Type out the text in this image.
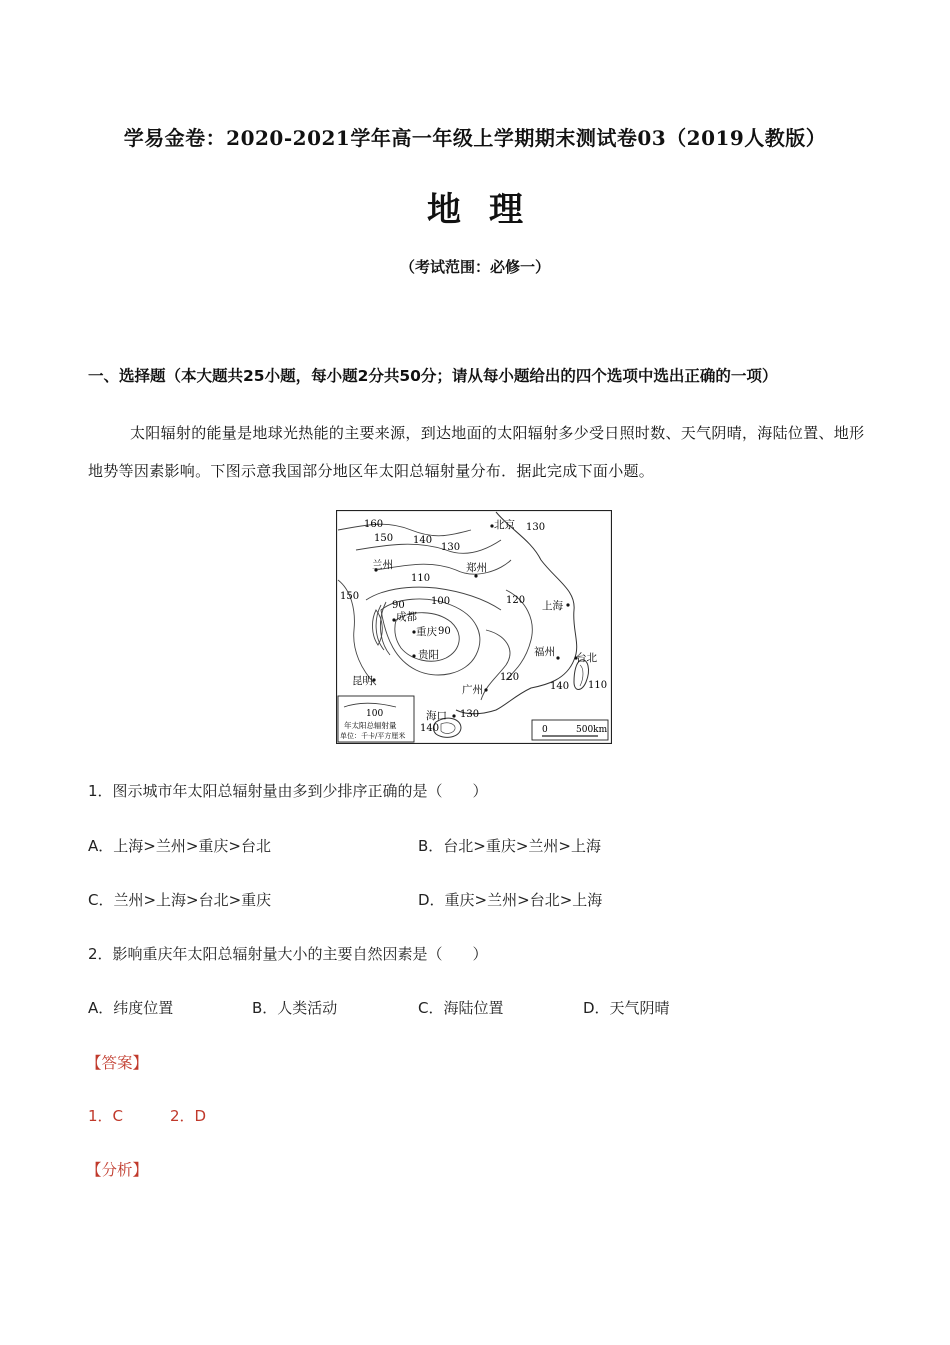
学易金卷：2020-2021学年高一年级上学期期末测试卷03（2019人教版）
地理
（考试范围：必修一）
一、选择题（本大题共25小题，每小题2分共50分；请从每小题给出的四个选项中选出正确的一项）
太阳辐射的能量是地球光热能的主要来源，到达地面的太阳辐射多少受日照时数、天气阴晴，海陆位置、地形地势等因素影响。下图示意我国部分地区年太阳总辐射量分布．据此完成下面小题。
北京
兰州	郑州
上海
成都
重庆
贵阳	福州 台北
昆明
广州
海口
160
150 140
130
130
110
100	120
150
90
90
120
140 110
130
140
100
年太阳总辐射量
单位：千卡/平方厘米
0	500km
1．图示城市年太阳总辐射量由多到少排序正确的是（　　）
A．上海>兰州>重庆>台北	B．台北>重庆>兰州>上海
C．兰州>上海>台北>重庆	D．重庆>兰州>台北>上海
2．影响重庆年太阳总辐射量大小的主要自然因素是（　　）
A．纬度位置	B．人类活动	C．海陆位置	D．天气阴晴
【答案】
1．C	2．D
【分析】
